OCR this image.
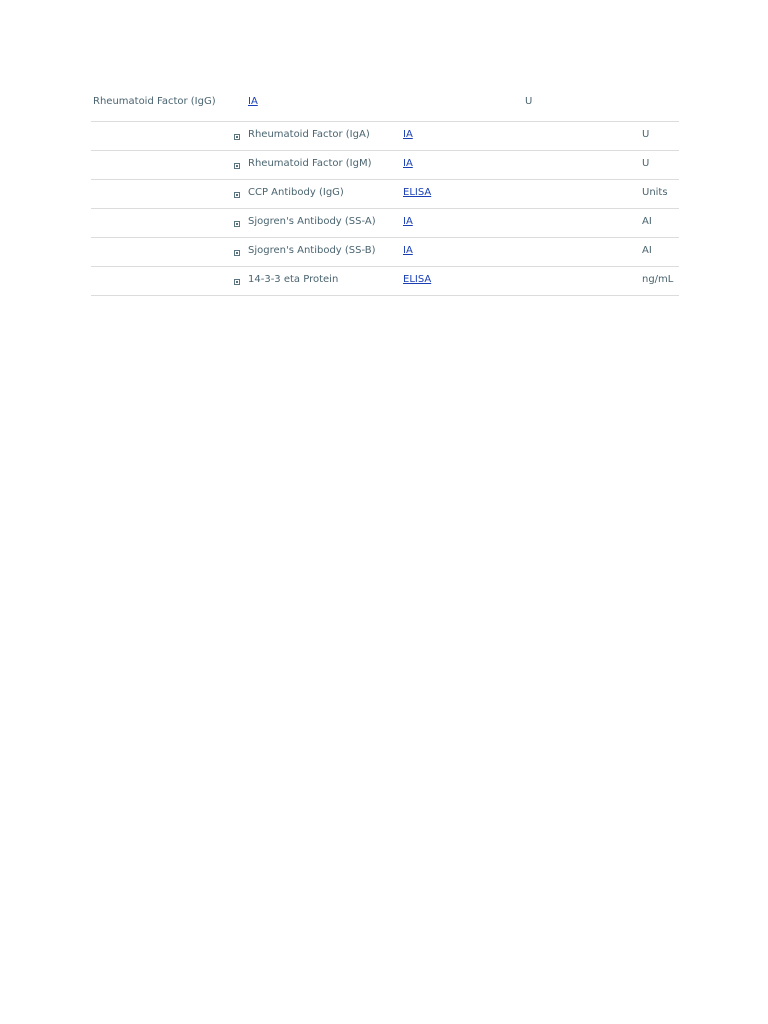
Rheumatoid Factor (IgG)	IA	U
Rheumatoid Factor (IgA)	IA	U
Rheumatoid Factor (IgM)	IA	U
CCP Antibody (IgG)	ELISA	Units
Sjogren's Antibody (SS-A)	IA	AI
Sjogren's Antibody (SS-B)	IA	AI
14-3-3 eta Protein	ELISA	ng/mL
